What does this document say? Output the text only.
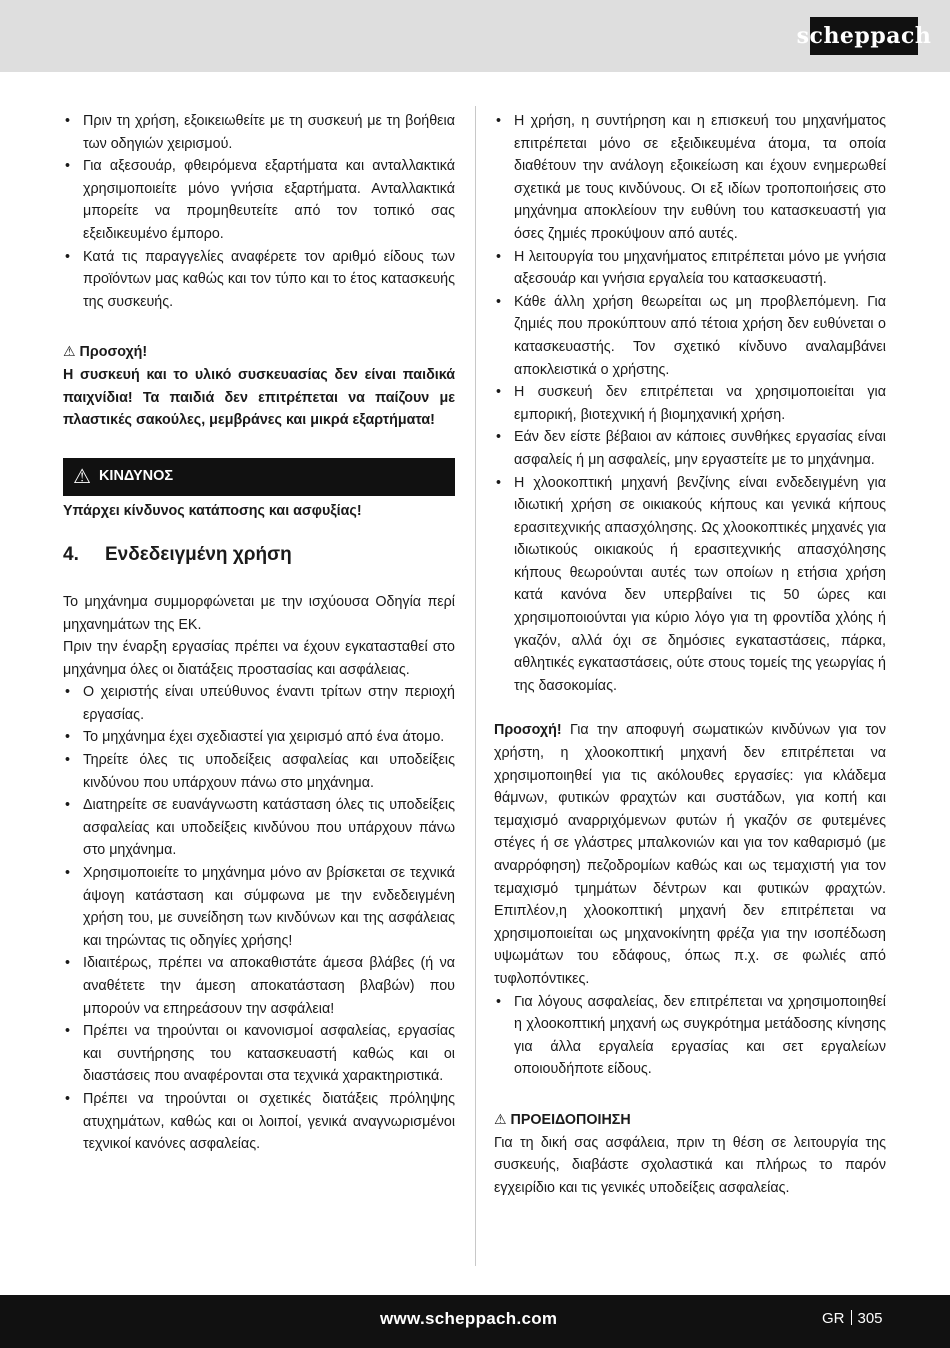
scheppach
• Πριν τη χρήση, εξοικειωθείτε με τη συσκευή με τη βοήθεια των οδηγιών χειρισμού.
• Για αξεσουάρ, φθειρόμενα εξαρτήματα και ανταλλακτικά χρησιμοποιείτε μόνο γνήσια εξαρτήματα. Ανταλλακτικά μπορείτε να προμηθευτείτε από τον τοπικό σας εξειδικευμένο έμπορο.
• Κατά τις παραγγελίες αναφέρετε τον αριθμό είδους των προϊόντων μας καθώς και τον τύπο και το έτος κατασκευής της συσκευής.
⚠ Προσοχή!

Η συσκευή και το υλικό συσκευασίας δεν είναι παιδικά παιχνίδια! Τα παιδιά δεν επιτρέπεται να παίζουν με πλαστικές σακούλες, μεμβράνες και μικρά εξαρτήματα!

⚠ ΚΙΝΔΥΝΟΣ

Υπάρχει κίνδυνος κατάποσης και ασφυξίας!

4.	Ενδεδειγμένη χρήση

Το μηχάνημα συμμορφώνεται με την ισχύουσα Οδηγία περί μηχανημάτων της ΕΚ.

Πριν την έναρξη εργασίας πρέπει να έχουν εγκατασταθεί στο μηχάνημα όλες οι διατάξεις προστασίας και ασφάλειας.

• Ο χειριστής είναι υπεύθυνος έναντι τρίτων στην περιοχή εργασίας.
• Το μηχάνημα έχει σχεδιαστεί για χειρισμό από ένα άτομο.
• Τηρείτε όλες τις υποδείξεις ασφαλείας και υποδείξεις κινδύνου που υπάρχουν πάνω στο μηχάνημα.
• Διατηρείτε σε ευανάγνωστη κατάσταση όλες τις υποδείξεις ασφαλείας και υποδείξεις κινδύνου που υπάρχουν πάνω στο μηχάνημα.
• Χρησιμοποιείτε το μηχάνημα μόνο αν βρίσκεται σε τεχνικά άψογη κατάσταση και σύμφωνα με την ενδεδειγμένη χρήση του, με συνείδηση των κινδύνων και της ασφάλειας και τηρώντας τις οδηγίες χρήσης!
• Ιδιαιτέρως, πρέπει να αποκαθιστάτε άμεσα βλάβες (ή να αναθέτετε την άμεση αποκατάσταση βλαβών) που μπορούν να επηρεάσουν την ασφάλεια!
• Πρέπει να τηρούνται οι κανονισμοί ασφαλείας, εργασίας και συντήρησης του κατασκευαστή καθώς και οι διαστάσεις που αναφέρονται στα τεχνικά χαρακτηριστικά.
• Πρέπει να τηρούνται οι σχετικές διατάξεις πρόληψης ατυχημάτων, καθώς και οι λοιποί, γενικά αναγνωρισμένοι τεχνικοί κανόνες ασφαλείας.
• Η χρήση, η συντήρηση και η επισκευή του μηχανήματος επιτρέπεται μόνο σε εξειδικευμένα άτομα, τα οποία διαθέτουν την ανάλογη εξοικείωση και έχουν ενημερωθεί σχετικά με τους κινδύνους. Οι εξ ιδίων τροποποιήσεις στο μηχάνημα αποκλείουν την ευθύνη του κατασκευαστή για όσες ζημιές προκύψουν από αυτές.
• Η λειτουργία του μηχανήματος επιτρέπεται μόνο με γνήσια αξεσουάρ και γνήσια εργαλεία του κατασκευαστή.
• Κάθε άλλη χρήση θεωρείται ως μη προβλεπόμενη. Για ζημιές που προκύπτουν από τέτοια χρήση δεν ευθύνεται ο κατασκευαστής. Τον σχετικό κίνδυνο αναλαμβάνει αποκλειστικά ο χρήστης.
• Η συσκευή δεν επιτρέπεται να χρησιμοποιείται για εμπορική, βιοτεχνική ή βιομηχανική χρήση.
• Εάν δεν είστε βέβαιοι αν κάποιες συνθήκες εργασίας είναι ασφαλείς ή μη ασφαλείς, μην εργαστείτε με το μηχάνημα.
• Η χλοοκοπτική μηχανή βενζίνης είναι ενδεδειγμένη για ιδιωτική χρήση σε οικιακούς κήπους και γενικά κήπους ερασιτεχνικής απασχόλησης. Ως χλοοκοπτικές μηχανές για ιδιωτικούς οικιακούς ή ερασιτεχνικής απασχόλησης κήπους θεωρούνται αυτές των οποίων η ετήσια χρήση κατά κανόνα δεν υπερβαίνει τις 50 ώρες και χρησιμοποιούνται για κύριο λόγο για τη φροντίδα χλόης ή γκαζόν, αλλά όχι σε δημόσιες εγκαταστάσεις, πάρκα, αθλητικές εγκαταστάσεις, ούτε στους τομείς της γεωργίας ή της δασοκομίας.

Προσοχή! Για την αποφυγή σωματικών κινδύνων για τον χρήστη, η χλοοκοπτική μηχανή δεν επιτρέπεται να χρησιμοποιηθεί για τις ακόλουθες εργασίες: για κλάδεμα θάμνων, φυτικών φραχτών και συστάδων, για κοπή και τεμαχισμό αναρριχόμενων φυτών ή γκαζόν σε φυτεμένες στέγες ή σε γλάστρες μπαλκονιών και για τον καθαρισμό (με αναρρόφηση) πεζοδρομίων καθώς και ως τεμαχιστή για τον τεμαχισμό τμημάτων δέντρων και φυτικών φραχτών. Επιπλέον,η χλοοκοπτική μηχανή δεν επιτρέπεται να χρησιμοποιείται ως μηχανοκίνητη φρέζα για την ισοπέδωση υψωμάτων του εδάφους, όπως π.χ. σε φωλιές από τυφλοπόντικες.

• Για λόγους ασφαλείας, δεν επιτρέπεται να χρησιμοποιηθεί η χλοοκοπτική μηχανή ως συγκρότημα μετάδοσης κίνησης για άλλα εργαλεία εργασίας και σετ εργαλείων οποιουδήποτε είδους.
⚠ ΠΡΟΕΙΔΟΠΟΙΗΣΗ

Για τη δική σας ασφάλεια, πριν τη θέση σε λειτουργία της συσκευής, διαβάστε σχολαστικά και πλήρως το παρόν εγχειρίδιο και τις γενικές υποδείξεις ασφαλείας.

www.scheppach.com	GR 305
